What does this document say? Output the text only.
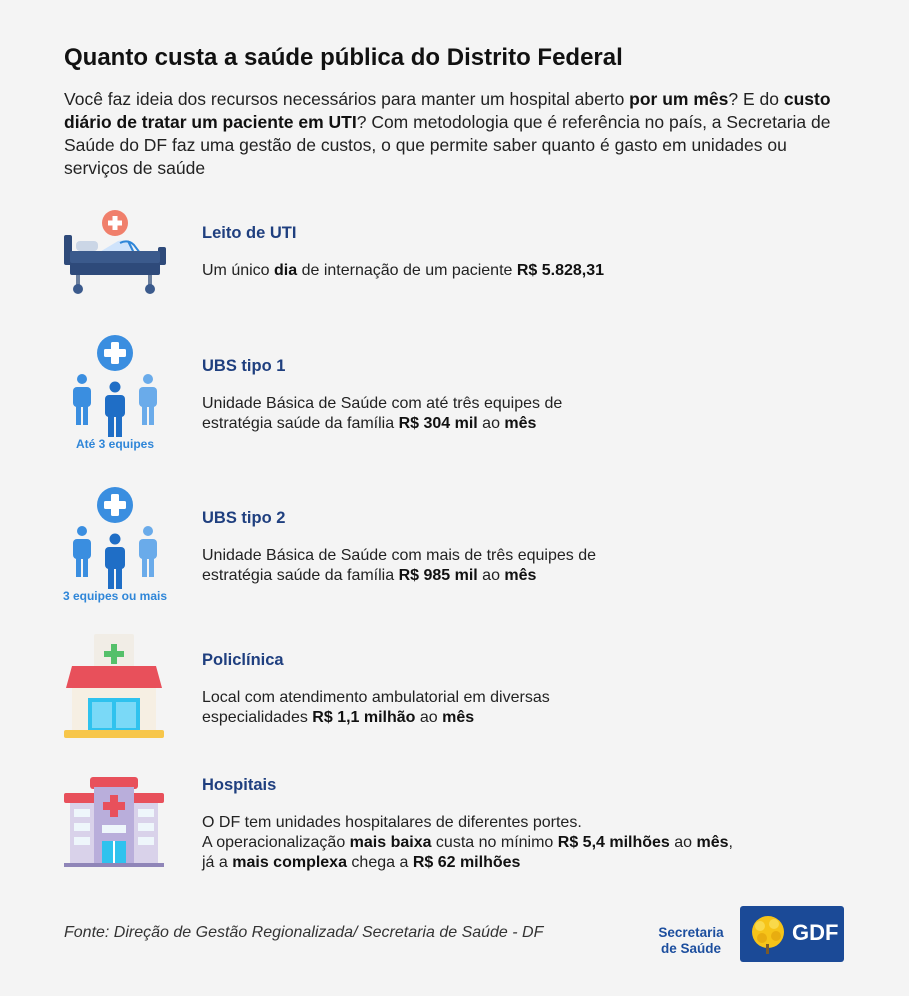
Quanto custa a saúde pública do Distrito Federal
Você faz ideia dos recursos necessários para manter um hospital aberto por um mês? E do custo diário de tratar um paciente em UTI? Com metodologia que é referência no país, a Secretaria de Saúde do DF faz uma gestão de custos, o que permite saber quanto é gasto em unidades ou serviços de saúde
Leito de UTI
Um único dia de internação de um paciente R$ 5.828,31
Até 3 equipes
UBS tipo 1
Unidade Básica de Saúde com até três equipes de
estratégia saúde da família R$ 304 mil ao mês
3 equipes ou mais
UBS tipo 2
Unidade Básica de Saúde com mais de três equipes de
estratégia saúde da família R$ 985 mil ao mês
Policlínica
Local com atendimento ambulatorial em diversas
especialidades R$ 1,1 milhão ao mês
Hospitais
O DF tem unidades hospitalares de diferentes portes.
A operacionalização mais baixa custa no mínimo R$ 5,4 milhões ao mês,
já a mais complexa chega a R$ 62 milhões
Fonte: Direção de Gestão Regionalizada/ Secretaria de Saúde - DF	Secretaria
de Saúde
GDF
